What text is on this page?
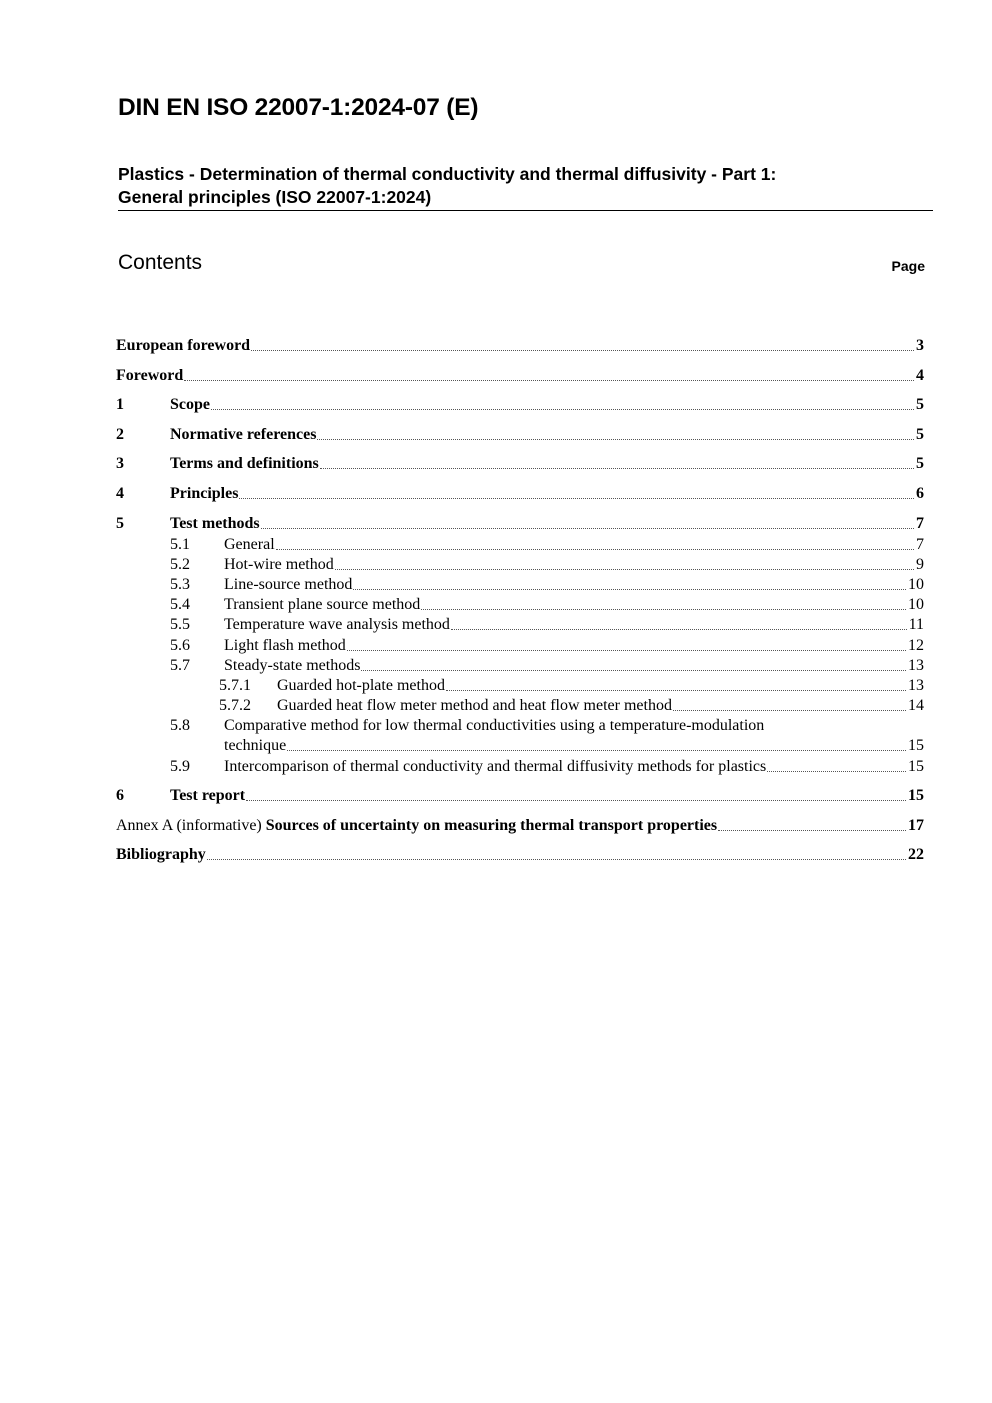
DIN EN ISO 22007-1:2024-07 (E)
Plastics - Determination of thermal conductivity and thermal diffusivity - Part 1:
General principles (ISO 22007-1:2024)
Contents	Page
European foreword	3
Foreword	4
1	Scope	5
2	Normative references	5
3	Terms and definitions	5
4	Principles	6
5	Test methods	7
5.1	General	7
5.2	Hot-wire method	9
5.3	Line-source method	10
5.4	Transient plane source method	10
5.5	Temperature wave analysis method	11
5.6	Light flash method	12
5.7	Steady-state methods	13
5.7.1	Guarded hot-plate method	13
5.7.2	Guarded heat flow meter method and heat flow meter method	14
5.8 Comparative method for low thermal conductivities using a temperature-modulation
technique	15
5.9	Intercomparison of thermal conductivity and thermal diffusivity methods for plastics	15
6	Test report	15
Annex A (informative) Sources of uncertainty on measuring thermal transport properties	17
Bibliography	22
